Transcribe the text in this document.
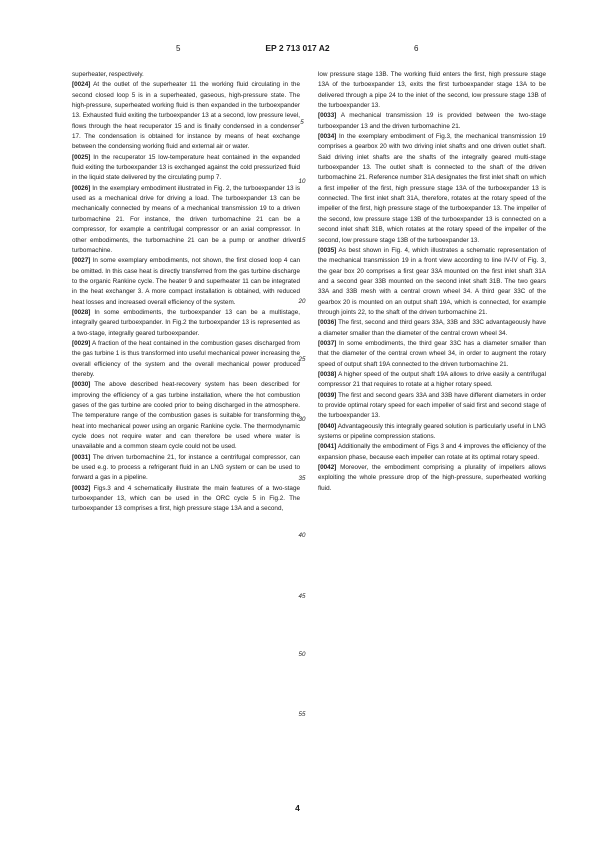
5	EP 2 713 017 A2	6

superheater, respectively.

[0024] At the outlet of the superheater 11 the working fluid circulating in the second closed loop 5 is in a superheated, gaseous, high-pressure state. The high-pressure, superheated working fluid is then expanded in the turboexpander 13. Exhausted fluid exiting the turboexpander 13 at a second, low pressure level, flows through the heat recuperator 15 and is finally condensed in a condenser 17. The condensation is obtained for instance by means of heat exchange between the condensing working fluid and external air or water.

[0025] In the recuperator 15 low-temperature heat contained in the expanded fluid exiting the turboexpander 13 is exchanged against the cold pressurized fluid in the liquid state delivered by the circulating pump 7.

[0026] In the exemplary embodiment illustrated in Fig. 2, the turboexpander 13 is used as a mechanical drive for driving a load. The turboexpander 13 can be mechanically connected by means of a mechanical transmission 19 to a driven turbomachine 21. For instance, the driven turbomachine 21 can be a compressor, for example a centrifugal compressor or an axial compressor. In other embodiments, the turbomachine 21 can be a pump or another driven turbomachine.

[0027] In some exemplary embodiments, not shown, the first closed loop 4 can be omitted. In this case heat is directly transferred from the gas turbine discharge to the organic Rankine cycle. The heater 9 and superheater 11 can be integrated in the heat exchanger 3. A more compact installation is obtained, with reduced heat losses and increased overall efficiency of the system.

[0028] In some embodiments, the turboexpander 13 can be a multistage, integrally geared turboexpander. In Fig.2 the turboexpander 13 is represented as a two-stage, integrally geared turboexpander.

[0029] A fraction of the heat contained in the combustion gases discharged from the gas turbine 1 is thus transformed into useful mechanical power increasing the overall efficiency of the system and the overall mechanical power produced thereby.

[0030] The above described heat-recovery system has been described for improving the efficiency of a gas turbine installation, where the hot combustion gases of the gas turbine are cooled prior to being discharged in the atmosphere. The temperature range of the combustion gases is suitable for transforming the heat into mechanical power using an organic Rankine cycle. The thermodynamic cycle does not require water and can therefore be used where water is unavailable and a common steam cycle could not be used.

[0031] The driven turbomachine 21, for instance a centrifugal compressor, can be used e.g. to process a refrigerant fluid in an LNG system or can be used to forward a gas in a pipeline.

[0032] Figs.3 and 4 schematically illustrate the main features of a two-stage turboexpander 13, which can be used in the ORC cycle 5 in Fig.2. The turboexpander 13 comprises a first, high pressure stage 13A and a second,

low pressure stage 13B. The working fluid enters the first, high pressure stage 13A of the turboexpander 13, exits the first turboexpander stage 13A to be delivered through a pipe 24 to the inlet of the second, low pressure stage 13B of the turboexpander 13.

[0033] A mechanical transmission 19 is provided between the two-stage turboexpander 13 and the driven turbomachine 21.

[0034] In the exemplary embodiment of Fig.3, the mechanical transmission 19 comprises a gearbox 20 with two driving inlet shafts and one driven outlet shaft. Said driving inlet shafts are the shafts of the integrally geared multi-stage turboexpander 13. The outlet shaft is connected to the shaft of the driven turbomachine 21. Reference number 31A designates the first inlet shaft on which a first impeller of the first, high pressure stage 13A of the turboexpander 13 is connected. The first inlet shaft 31A, therefore, rotates at the rotary speed of the impeller of the first, high pressure stage of the turboexpander 13. The impeller of the second, low pressure stage 13B of the turboexpander 13 is connected on a second inlet shaft 31B, which rotates at the rotary speed of the impeller of the second, low pressure stage 13B of the turboexpander 13.

[0035] As best shown in Fig. 4, which illustrates a schematic representation of the mechanical transmission 19 in a front view according to line IV-IV of Fig. 3, the gear box 20 comprises a first gear 33A mounted on the first inlet shaft 31A and a second gear 33B mounted on the second inlet shaft 31B. The two gears 33A and 33B mesh with a central crown wheel 34. A third gear 33C of the gearbox 20 is mounted on an output shaft 19A, which is connected, for example through joints 22, to the shaft of the driven turbomachine 21.

[0036] The first, second and third gears 33A, 33B and 33C advantageously have a diameter smaller than the diameter of the central crown wheel 34.

[0037] In some embodiments, the third gear 33C has a diameter smaller than that the diameter of the central crown wheel 34, in order to augment the rotary speed of output shaft 19A connected to the driven turbomachine 21.

[0038] A higher speed of the output shaft 19A allows to drive easily a centrifugal compressor 21 that requires to rotate at a higher rotary speed.

[0039] The first and second gears 33A and 33B have different diameters in order to provide optimal rotary speed for each impeller of said first and second stage of the turboexpander 13.

[0040] Advantageously this integrally geared solution is particularly useful in LNG systems or pipeline compression stations.

[0041] Additionally the embodiment of Figs 3 and 4 improves the efficiency of the expansion phase, because each impeller can rotate at its optimal rotary speed.

[0042] Moreover, the embodiment comprising a plurality of impellers allows exploiting the whole pressure drop of the high-pressure, superheated working fluid.

5
10
15
20
25
30
35
40
45
50
55
4
